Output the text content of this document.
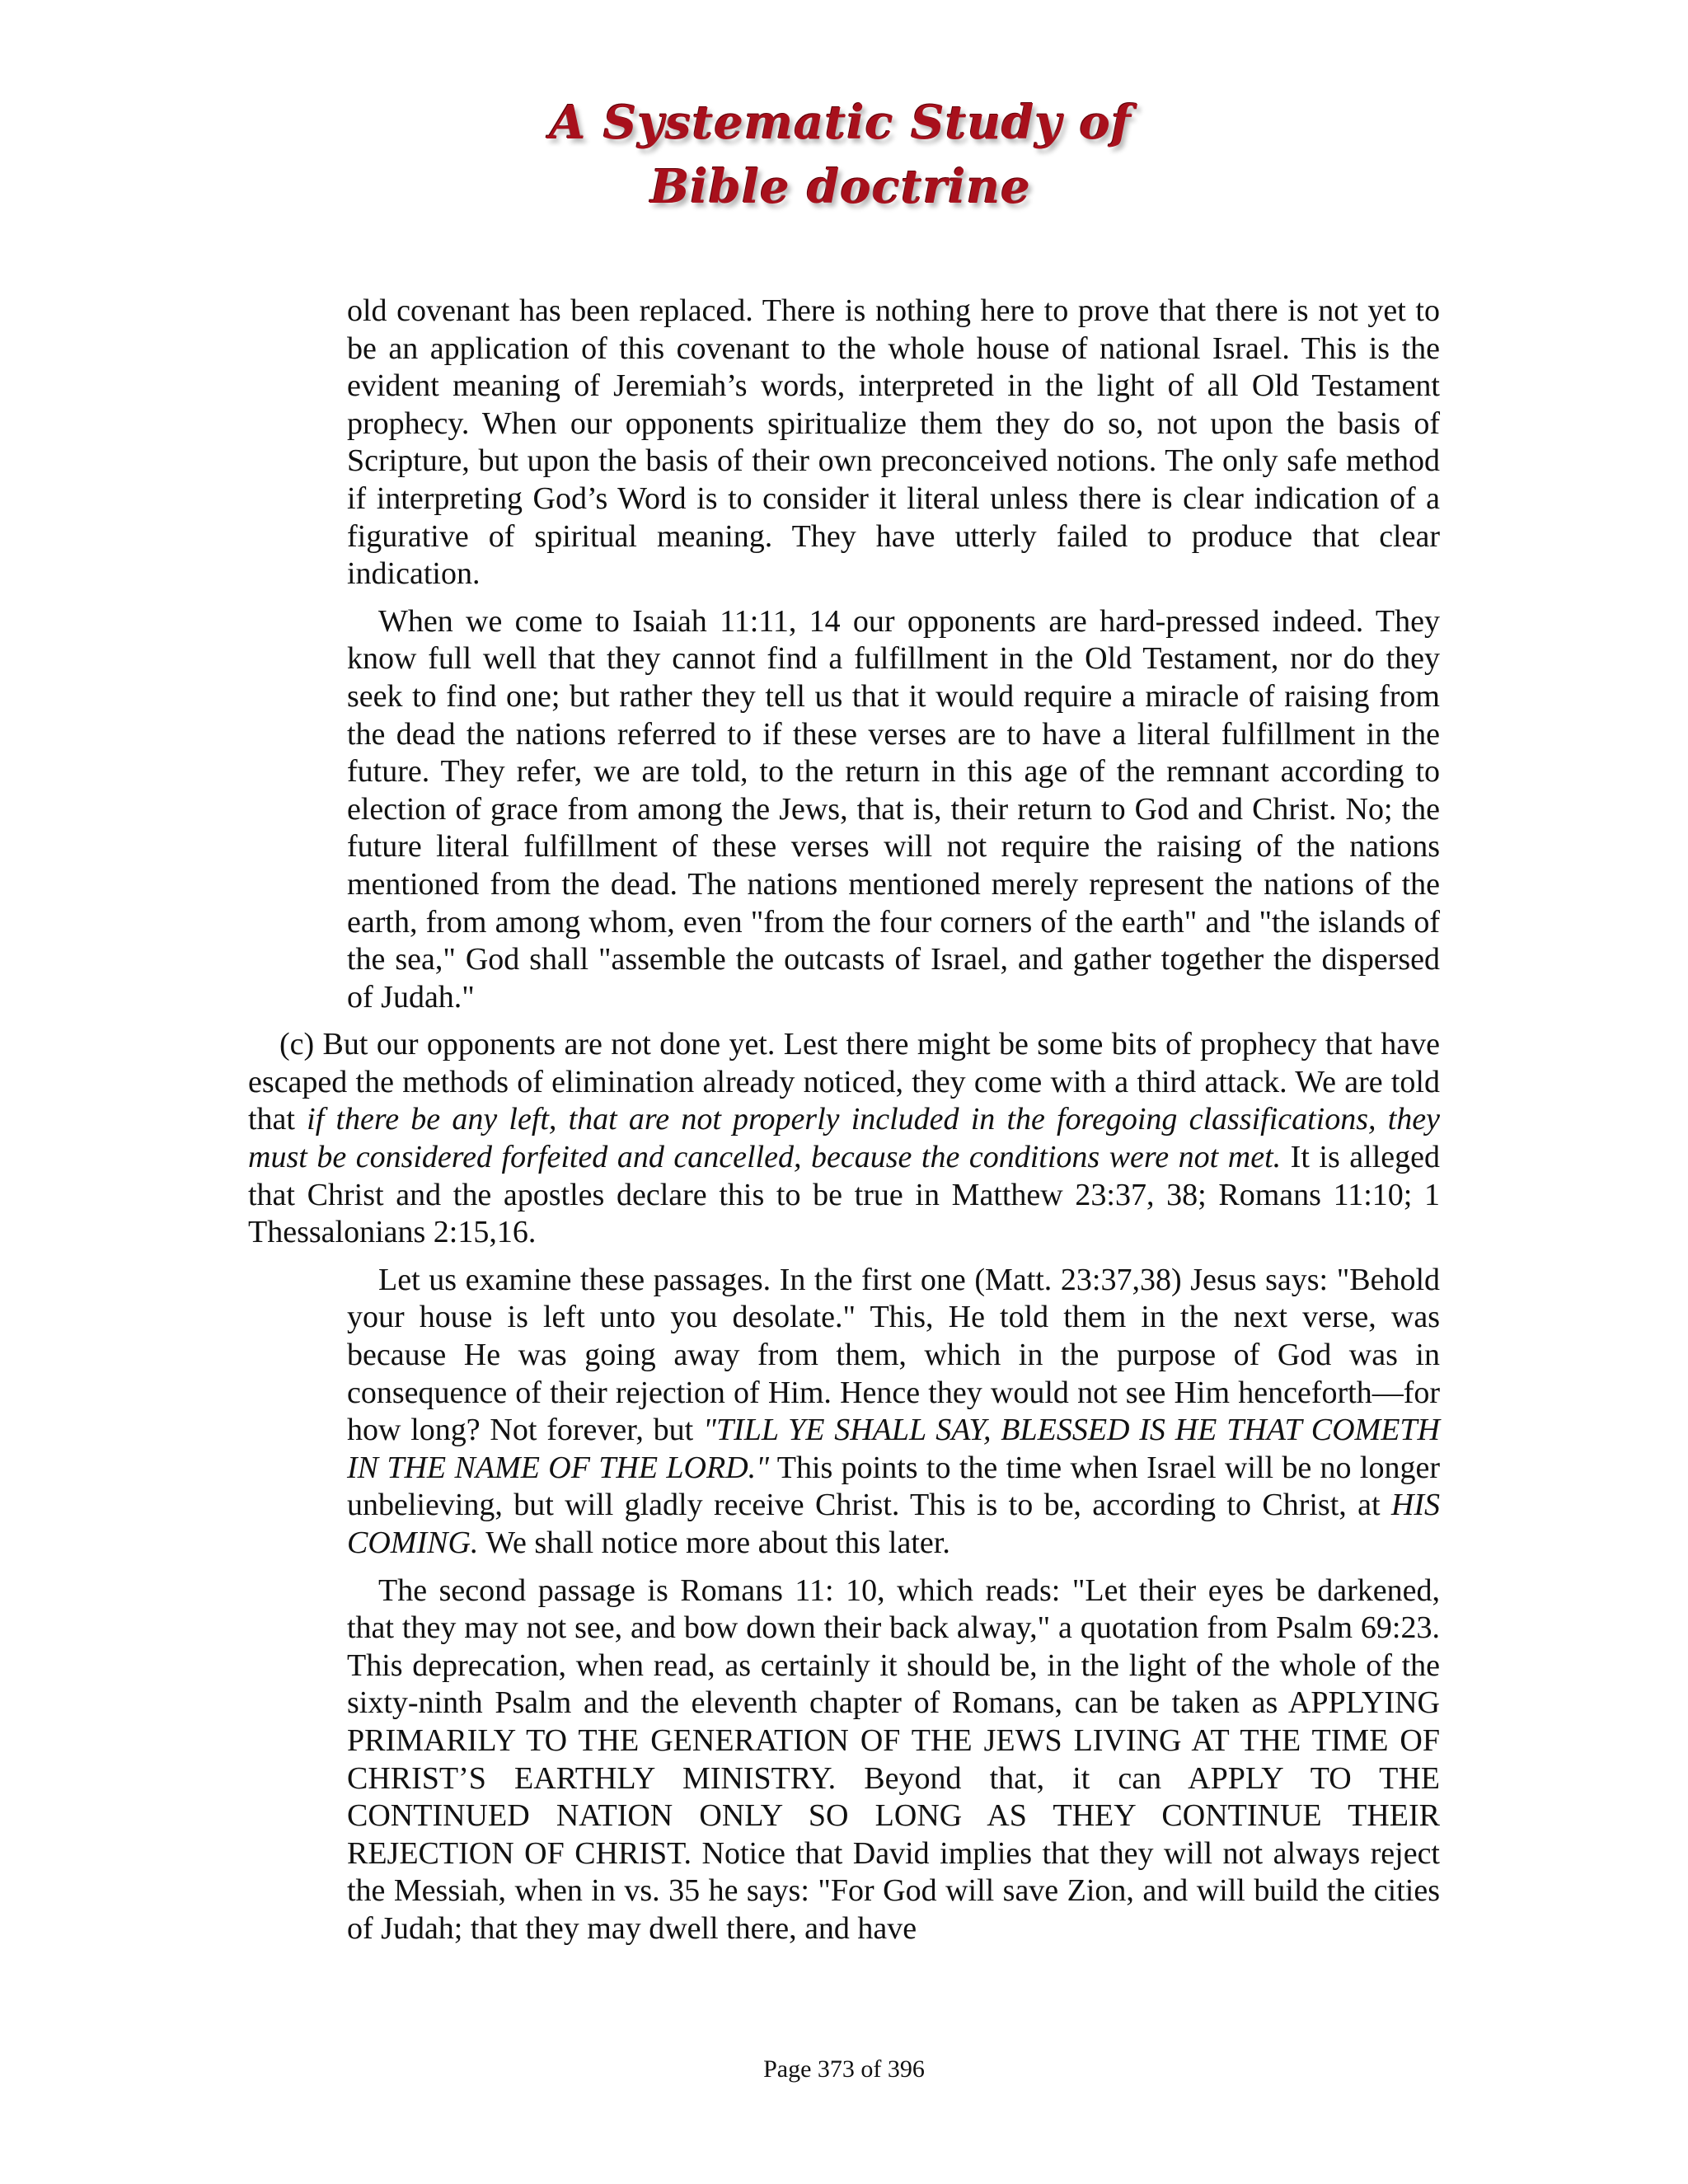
A Systematic Study of
Bible doctrine

old covenant has been replaced. There is nothing here to prove that there is not yet to be an application of this covenant to the whole house of national Israel. This is the evident meaning of Jeremiah’s words, interpreted in the light of all Old Testament prophecy. When our opponents spiritualize them they do so, not upon the basis of Scripture, but upon the basis of their own preconceived notions. The only safe method if interpreting God’s Word is to consider it literal unless there is clear indication of a figurative of spiritual meaning. They have utterly failed to produce that clear indication.

When we come to Isaiah 11:11, 14 our opponents are hard-pressed indeed. They know full well that they cannot find a fulfillment in the Old Testament, nor do they seek to find one; but rather they tell us that it would require a miracle of raising from the dead the nations referred to if these verses are to have a literal fulfillment in the future. They refer, we are told, to the return in this age of the remnant according to election of grace from among the Jews, that is, their return to God and Christ. No; the future literal fulfillment of these verses will not require the raising of the nations mentioned from the dead. The nations mentioned merely represent the nations of the earth, from among whom, even "from the four corners of the earth" and "the islands of the sea," God shall "assemble the outcasts of Israel, and gather together the dispersed of Judah."

(c) But our opponents are not done yet. Lest there might be some bits of prophecy that have escaped the methods of elimination already noticed, they come with a third attack. We are told that if there be any left, that are not properly included in the foregoing classifications, they must be considered forfeited and cancelled, because the conditions were not met. It is alleged that Christ and the apostles declare this to be true in Matthew 23:37, 38; Romans 11:10; 1 Thessalonians 2:15,16.

Let us examine these passages. In the first one (Matt. 23:37,38) Jesus says: "Behold your house is left unto you desolate." This, He told them in the next verse, was because He was going away from them, which in the purpose of God was in consequence of their rejection of Him. Hence they would not see Him henceforth—for how long? Not forever, but "TILL YE SHALL SAY, BLESSED IS HE THAT COMETH IN THE NAME OF THE LORD." This points to the time when Israel will be no longer unbelieving, but will gladly receive Christ. This is to be, according to Christ, at HIS COMING. We shall notice more about this later.

The second passage is Romans 11: 10, which reads: "Let their eyes be darkened, that they may not see, and bow down their back alway," a quotation from Psalm 69:23. This deprecation, when read, as certainly it should be, in the light of the whole of the sixty-ninth Psalm and the eleventh chapter of Romans, can be taken as APPLYING PRIMARILY TO THE GENERATION OF THE JEWS LIVING AT THE TIME OF CHRIST’S EARTHLY MINISTRY. Beyond that, it can APPLY TO THE CONTINUED NATION ONLY SO LONG AS THEY CONTINUE THEIR REJECTION OF CHRIST. Notice that David implies that they will not always reject the Messiah, when in vs. 35 he says: "For God will save Zion, and will build the cities of Judah; that they may dwell there, and have

Page 373 of 396
